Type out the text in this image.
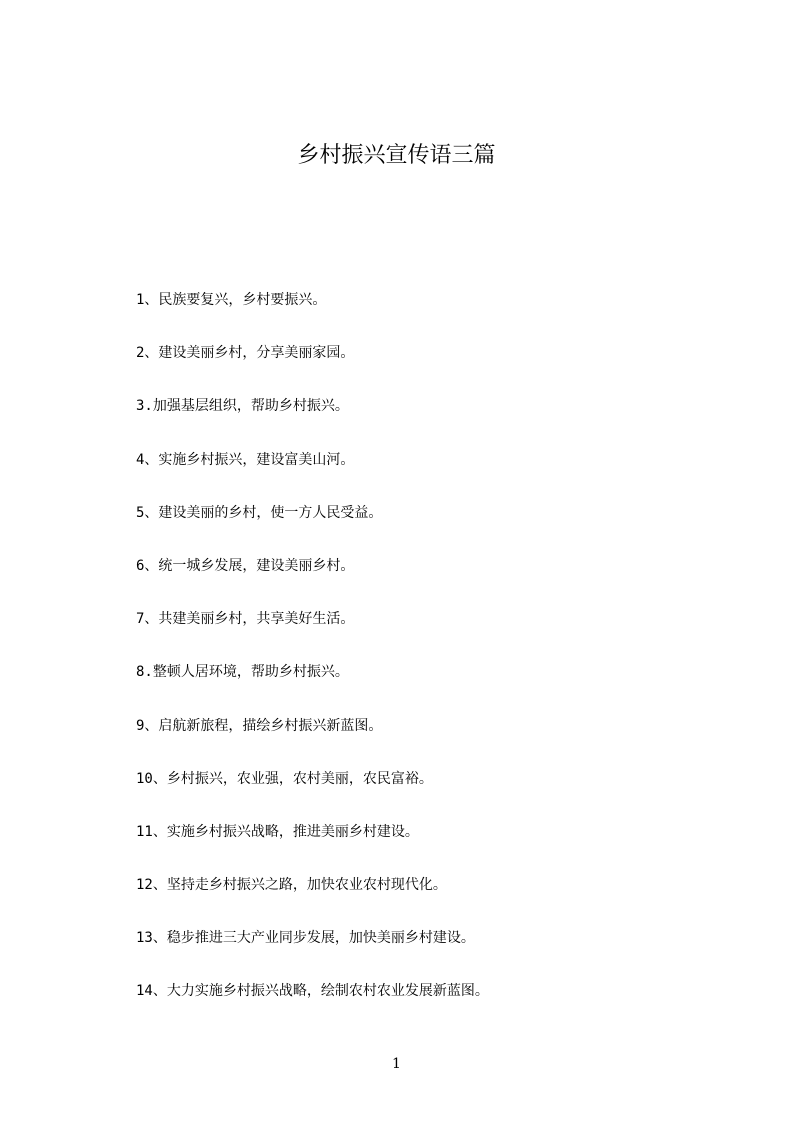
乡村振兴宣传语三篇
1、民族要复兴，乡村要振兴。
2、建设美丽乡村，分享美丽家园。
3.加强基层组织，帮助乡村振兴。
4、实施乡村振兴，建设富美山河。
5、建设美丽的乡村，使一方人民受益。
6、统一城乡发展，建设美丽乡村。
7、共建美丽乡村，共享美好生活。
8.整顿人居环境，帮助乡村振兴。
9、启航新旅程，描绘乡村振兴新蓝图。
10、乡村振兴，农业强，农村美丽，农民富裕。
11、实施乡村振兴战略，推进美丽乡村建设。
12、坚持走乡村振兴之路，加快农业农村现代化。
13、稳步推进三大产业同步发展，加快美丽乡村建设。
14、大力实施乡村振兴战略，绘制农村农业发展新蓝图。
1
